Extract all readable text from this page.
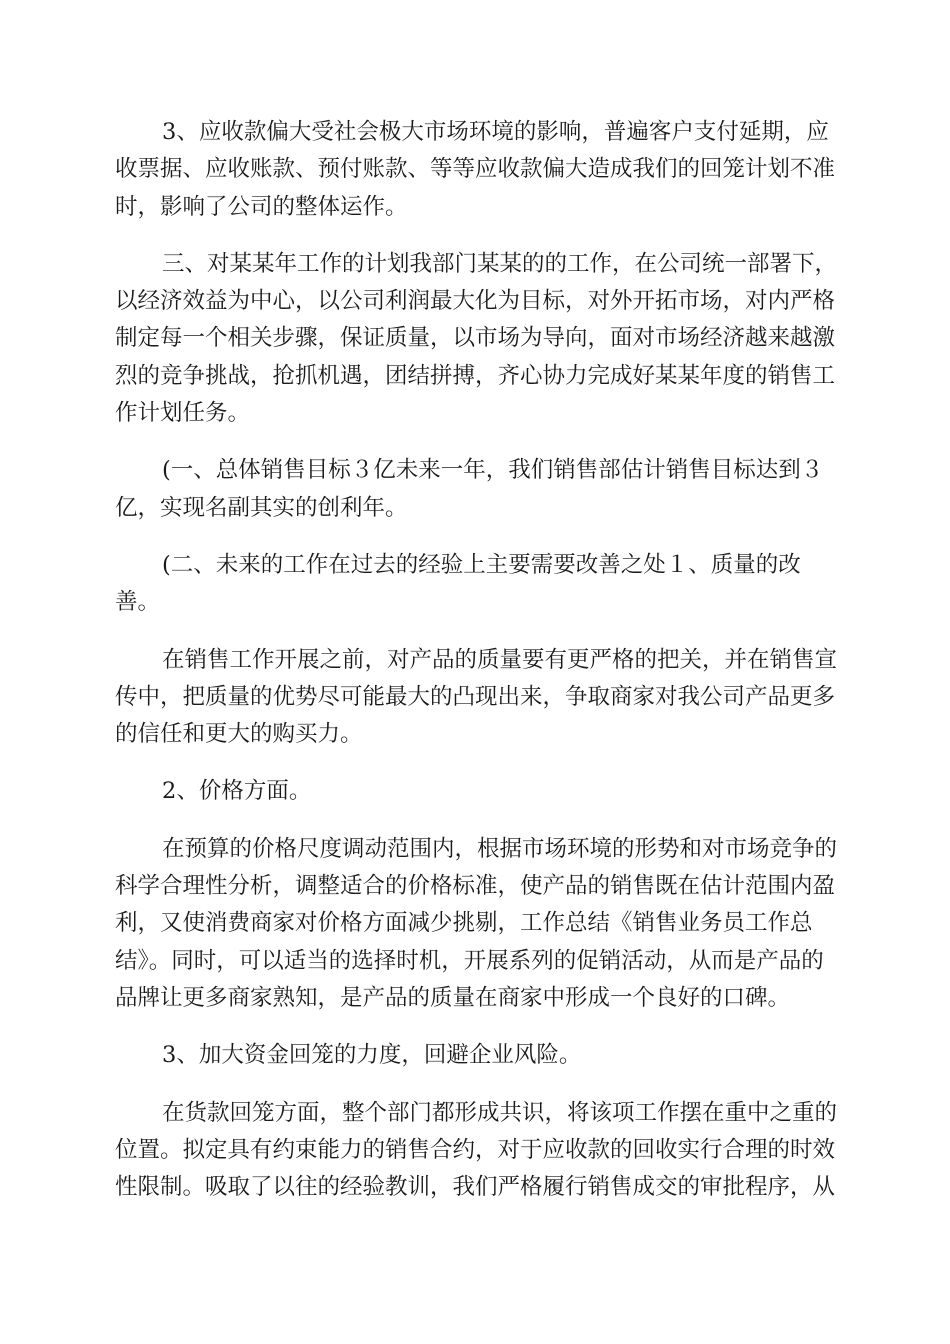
3、应收款偏大受社会极大市场环境的影响，普遍客户支付延期，应
收票据、应收账款、预付账款、等等应收款偏大造成我们的回笼计划不准
时，影响了公司的整体运作。

三、对某某年工作的计划我部门某某的的工作，在公司统一部署下，
以经济效益为中心，以公司利润最大化为目标，对外开拓市场，对内严格
制定每一个相关步骤，保证质量，以市场为导向，面对市场经济越来越激
烈的竞争挑战，抢抓机遇，团结拼搏，齐心协力完成好某某年度的销售工
作计划任务。

(一、总体销售目标３亿未来一年，我们销售部估计销售目标达到３
亿，实现名副其实的创利年。

(二、未来的工作在过去的经验上主要需要改善之处１、质量的改
善。

在销售工作开展之前，对产品的质量要有更严格的把关，并在销售宣
传中，把质量的优势尽可能最大的凸现出来，争取商家对我公司产品更多
的信任和更大的购买力。

2、价格方面。

在预算的价格尺度调动范围内，根据市场环境的形势和对市场竞争的
科学合理性分析，调整适合的价格标准，使产品的销售既在估计范围内盈
利，又使消费商家对价格方面减少挑剔，工作总结《销售业务员工作总
结》。同时，可以适当的选择时机，开展系列的促销活动，从而是产品的
品牌让更多商家熟知，是产品的质量在商家中形成一个良好的口碑。

3、加大资金回笼的力度，回避企业风险。

在货款回笼方面，整个部门都形成共识，将该项工作摆在重中之重的
位置。拟定具有约束能力的销售合约，对于应收款的回收实行合理的时效
性限制。吸取了以往的经验教训，我们严格履行销售成交的审批程序，从
